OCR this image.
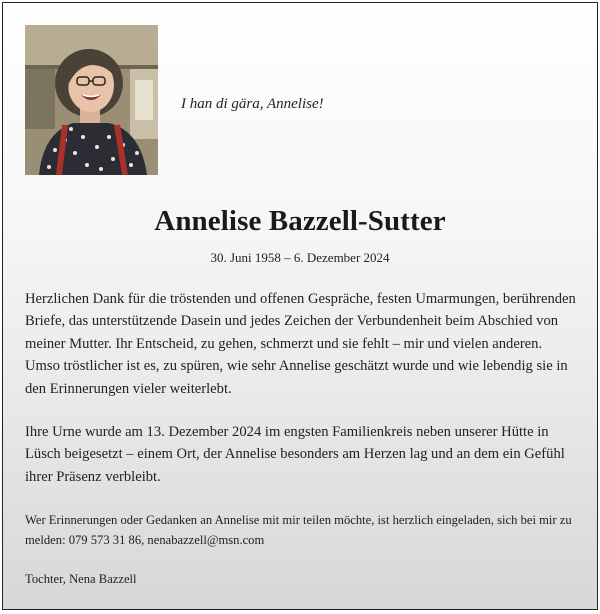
I han di gära, Annelise!
Annelise Bazzell-Sutter
30. Juni 1958 – 6. Dezember 2024
Herzlichen Dank für die tröstenden und offenen Gespräche, festen Umarmungen, berührenden Briefe, das unterstützende Dasein und jedes Zeichen der Verbundenheit beim Abschied von meiner Mutter. Ihr Entscheid, zu gehen, schmerzt und sie fehlt – mir und vielen anderen. Umso tröstlicher ist es, zu spüren, wie sehr Annelise geschätzt wurde und wie lebendig sie in den Erinnerungen vieler weiterlebt.
Ihre Urne wurde am 13. Dezember 2024 im engsten Familienkreis neben unserer Hütte in Lüsch beigesetzt – einem Ort, der Annelise besonders am Herzen lag und an dem ein Gefühl ihrer Präsenz verbleibt.
Wer Erinnerungen oder Gedanken an Annelise mit mir teilen möchte, ist herzlich eingeladen, sich bei mir zu melden: 079 573 31 86, nenabazzell@msn.com
Tochter, Nena Bazzell
